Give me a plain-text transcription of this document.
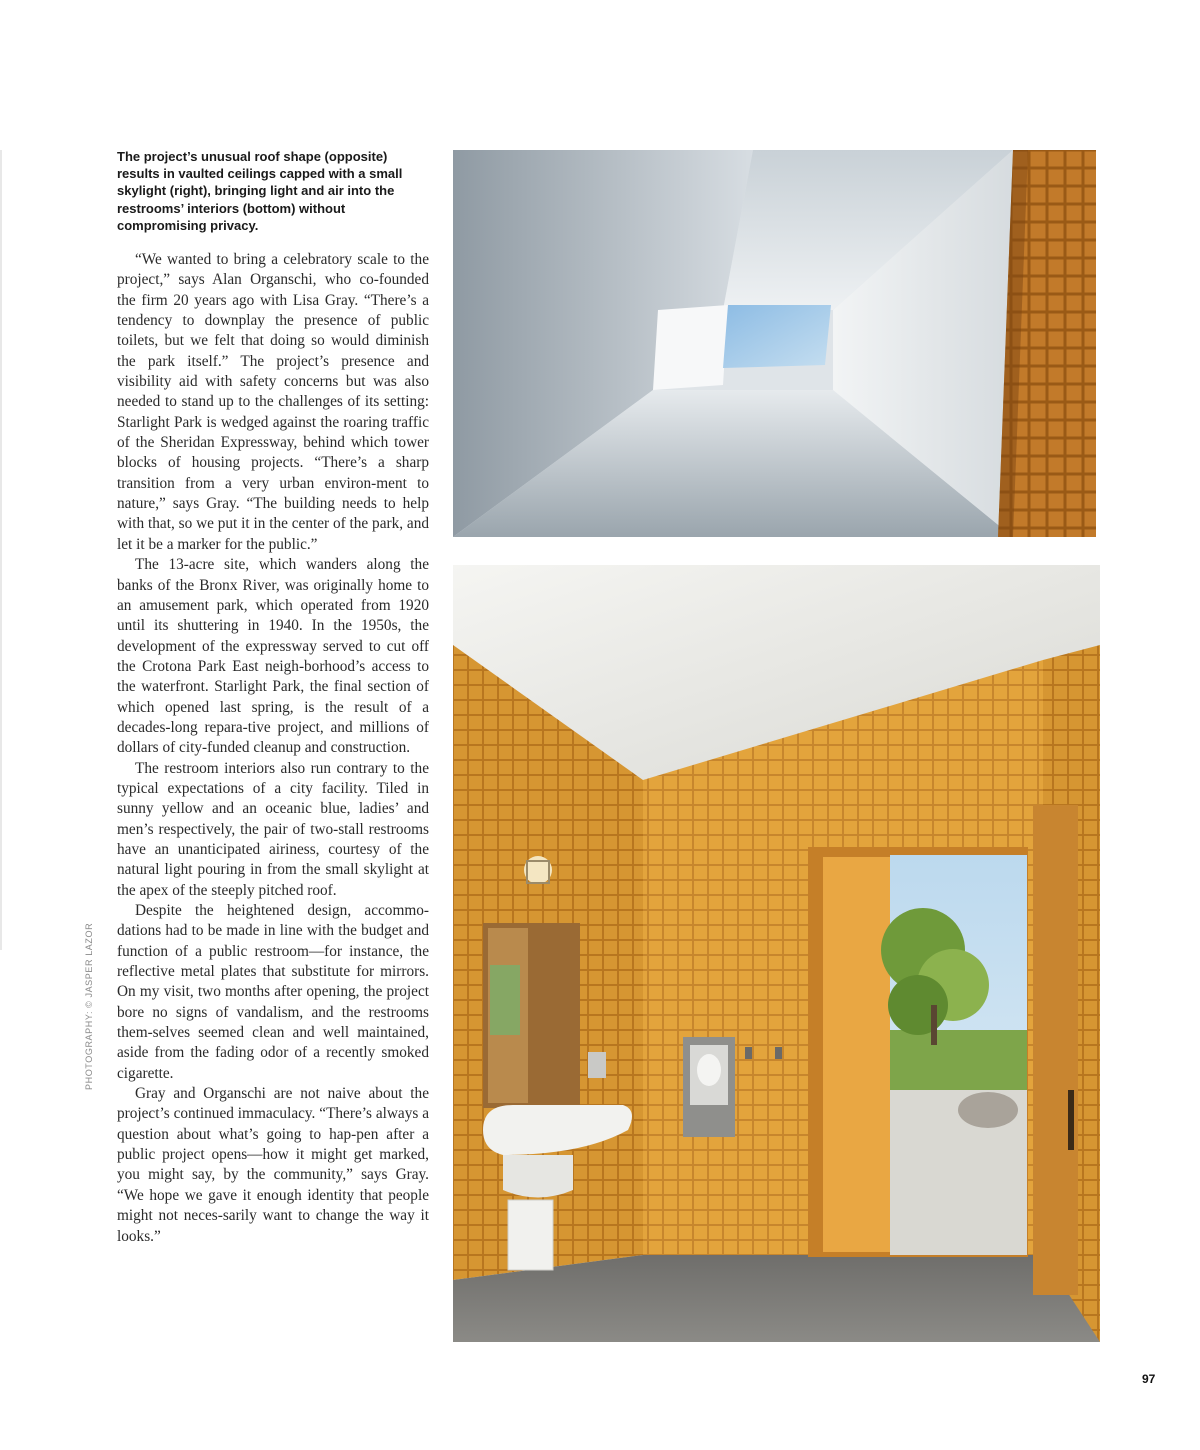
The project’s unusual roof shape (opposite) results in vaulted ceilings capped with a small skylight (right), bringing light and air into the restrooms’ interiors (bottom) without compromising privacy.

“We wanted to bring a celebratory scale to the project,” says Alan Organschi, who co-founded the firm 20 years ago with Lisa Gray. “There’s a tendency to downplay the presence of public toilets, but we felt that doing so would diminish the park itself.” The project’s presence and visibility aid with safety concerns but was also needed to stand up to the challenges of its setting: Starlight Park is wedged against the roaring traffic of the Sheridan Expressway, behind which tower blocks of housing projects. “There’s a sharp transition from a very urban environ-ment to nature,” says Gray. “The building needs to help with that, so we put it in the center of the park, and let it be a marker for the public.”

The 13-acre site, which wanders along the banks of the Bronx River, was originally home to an amusement park, which operated from 1920 until its shuttering in 1940. In the 1950s, the development of the expressway served to cut off the Crotona Park East neigh-borhood’s access to the waterfront. Starlight Park, the final section of which opened last spring, is the result of a decades-long repara-tive project, and millions of dollars of city-funded cleanup and construction.

The restroom interiors also run contrary to the typical expectations of a city facility. Tiled in sunny yellow and an oceanic blue, ladies’ and men’s respectively, the pair of two-stall restrooms have an unanticipated airiness, courtesy of the natural light pouring in from the small skylight at the apex of the steeply pitched roof.

Despite the heightened design, accommo-dations had to be made in line with the budget and function of a public restroom—for instance, the reflective metal plates that substitute for mirrors. On my visit, two months after opening, the project bore no signs of vandalism, and the restrooms them-selves seemed clean and well maintained, aside from the fading odor of a recently smoked cigarette.

Gray and Organschi are not naive about the project’s continued immaculacy. “There’s always a question about what’s going to hap-pen after a public project opens—how it might get marked, you might say, by the community,” says Gray. “We hope we gave it enough identity that people might not neces-sarily want to change the way it looks.”

PHOTOGRAPHY: © JASPER LAZOR
97
